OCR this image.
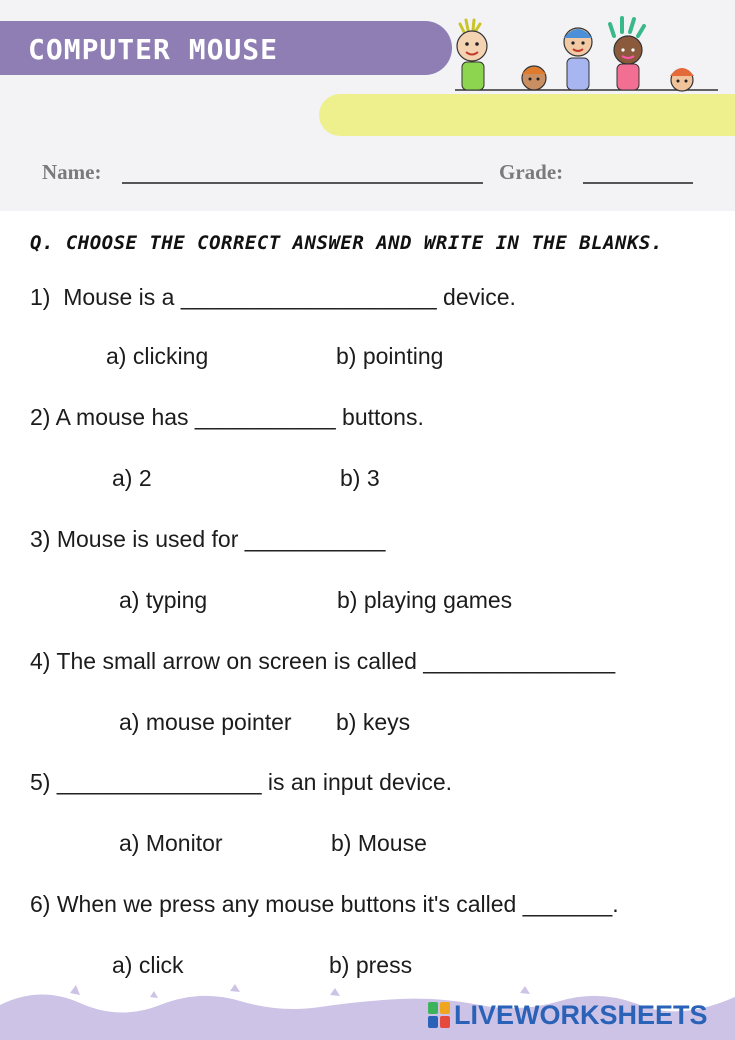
COMPUTER MOUSE
Name:	Grade:
Q. CHOOSE THE CORRECT ANSWER AND WRITE IN THE BLANKS.
1)  Mouse is a ____________________ device.
a) clicking	b) pointing
2) A mouse has ___________ buttons.
a) 2	b) 3
3) Mouse is used for ___________
a) typing	b) playing games
4) The small arrow on screen is called _______________
a) mouse pointer b) keys
5) ________________ is an input device.
a) Monitor	b) Mouse
6) When we press any mouse buttons it's called _______.
a) click	b) press
LIVEWORKSHEETS
